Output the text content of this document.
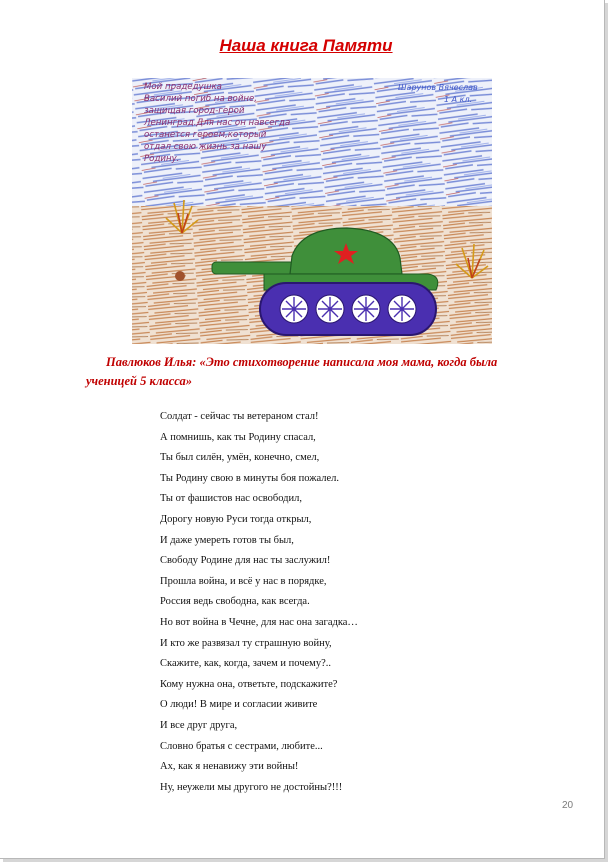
Наша книга Памяти
Мой прадедушка
Василий погиб на войне,
защищая город-герой
Ленинград.Для нас он навсегда
останется героем,который
отдал свою жизнь за нашу
Родину.
Шарунов Вячеслав
1 А кл.
Павлюков Илья: «Это стихотворение написала моя мама, когда была ученицей 5 класса»
Солдат - сейчас ты ветераном стал!
А помнишь, как ты Родину спасал,
Ты был силён, умён, конечно, смел,
Ты Родину свою в минуты боя пожалел.
Ты от фашистов нас освободил,
Дорогу новую Руси тогда открыл,
И даже умереть готов ты был,
Свободу Родине для нас ты заслужил!
Прошла война, и всё у нас в порядке,
Россия ведь свободна, как всегда.
Но вот война в Чечне, для нас она загадка…
И кто же развязал ту страшную войну,
Скажите, как, когда, зачем и почему?..
Кому нужна она, ответьте, подскажите?
О люди! В мире и согласии живите
И все друг друга,
Словно братья с сестрами, любите...
Ах, как я ненавижу эти войны!
Ну, неужели мы другого не достойны?!!!
20
